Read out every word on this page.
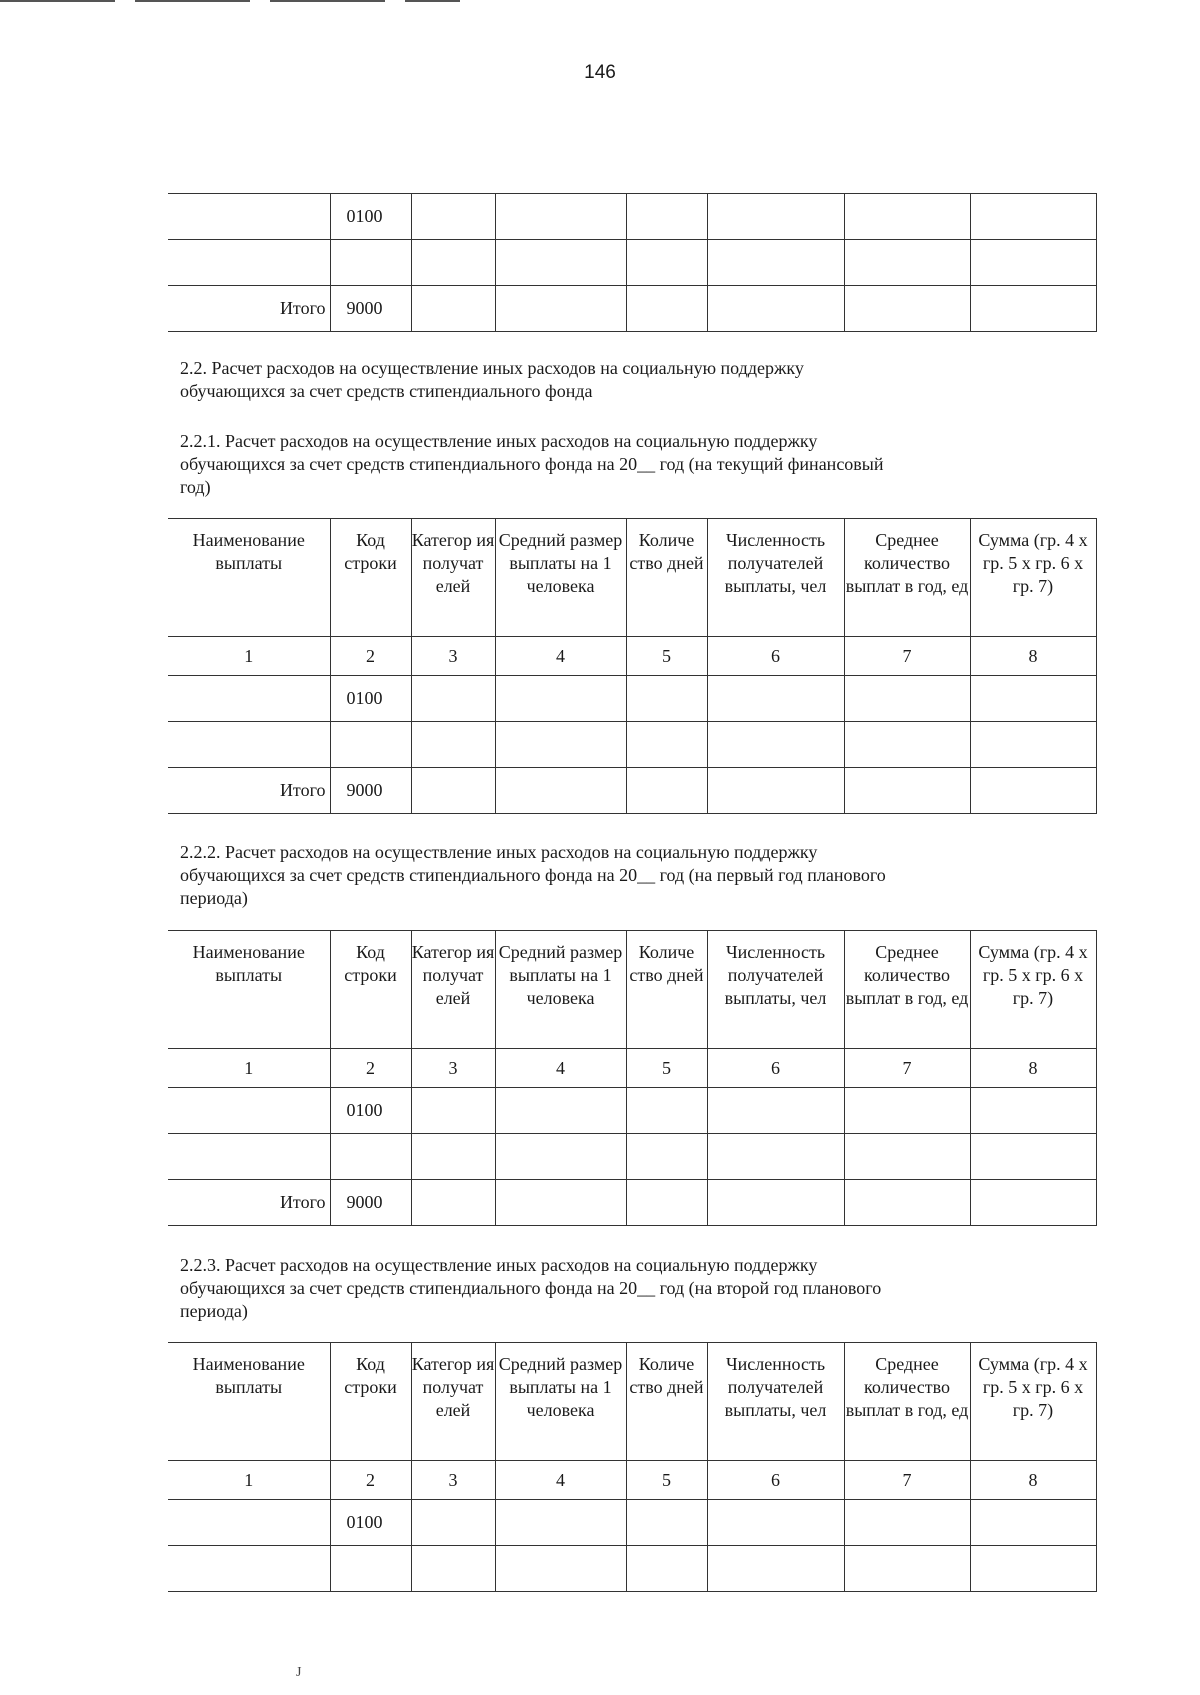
146
	0100						

Итого	9000						

2.2. Расчет расходов на осуществление иных расходов на социальную поддержку обучающихся за счет средств стипендиального фонда

2.2.1. Расчет расходов на осуществление иных расходов на социальную поддержку обучающихся за счет средств стипендиального фонда на 20__ год (на текущий финансовый год)

Наименование выплаты	Код строки	Категор ия получат елей	Средний размер выплаты на 1 человека	Количе ство дней	Численность получателей выплаты, чел	Среднее количество выплат в год, ед	Сумма (гр. 4 х гр. 5 х гр. 6 х гр. 7)
1	2	3	4	5	6	7	8
	0100						

Итого	9000						

2.2.2. Расчет расходов на осуществление иных расходов на социальную поддержку обучающихся за счет средств стипендиального фонда на 20__ год (на первый год планового периода)

Наименование выплаты	Код строки	Категор ия получат елей	Средний размер выплаты на 1 человека	Количе ство дней	Численность получателей выплаты, чел	Среднее количество выплат в год, ед	Сумма (гр. 4 х гр. 5 х гр. 6 х гр. 7)
1	2	3	4	5	6	7	8
	0100						

Итого	9000						

2.2.3. Расчет расходов на осуществление иных расходов на социальную поддержку обучающихся за счет средств стипендиального фонда на 20__ год (на второй год планового периода)

Наименование выплаты	Код строки	Категор ия получат елей	Средний размер выплаты на 1 человека	Количе ство дней	Численность получателей выплаты, чел	Среднее количество выплат в год, ед	Сумма (гр. 4 х гр. 5 х гр. 6 х гр. 7)
1	2	3	4	5	6	7	8
	0100						

J
